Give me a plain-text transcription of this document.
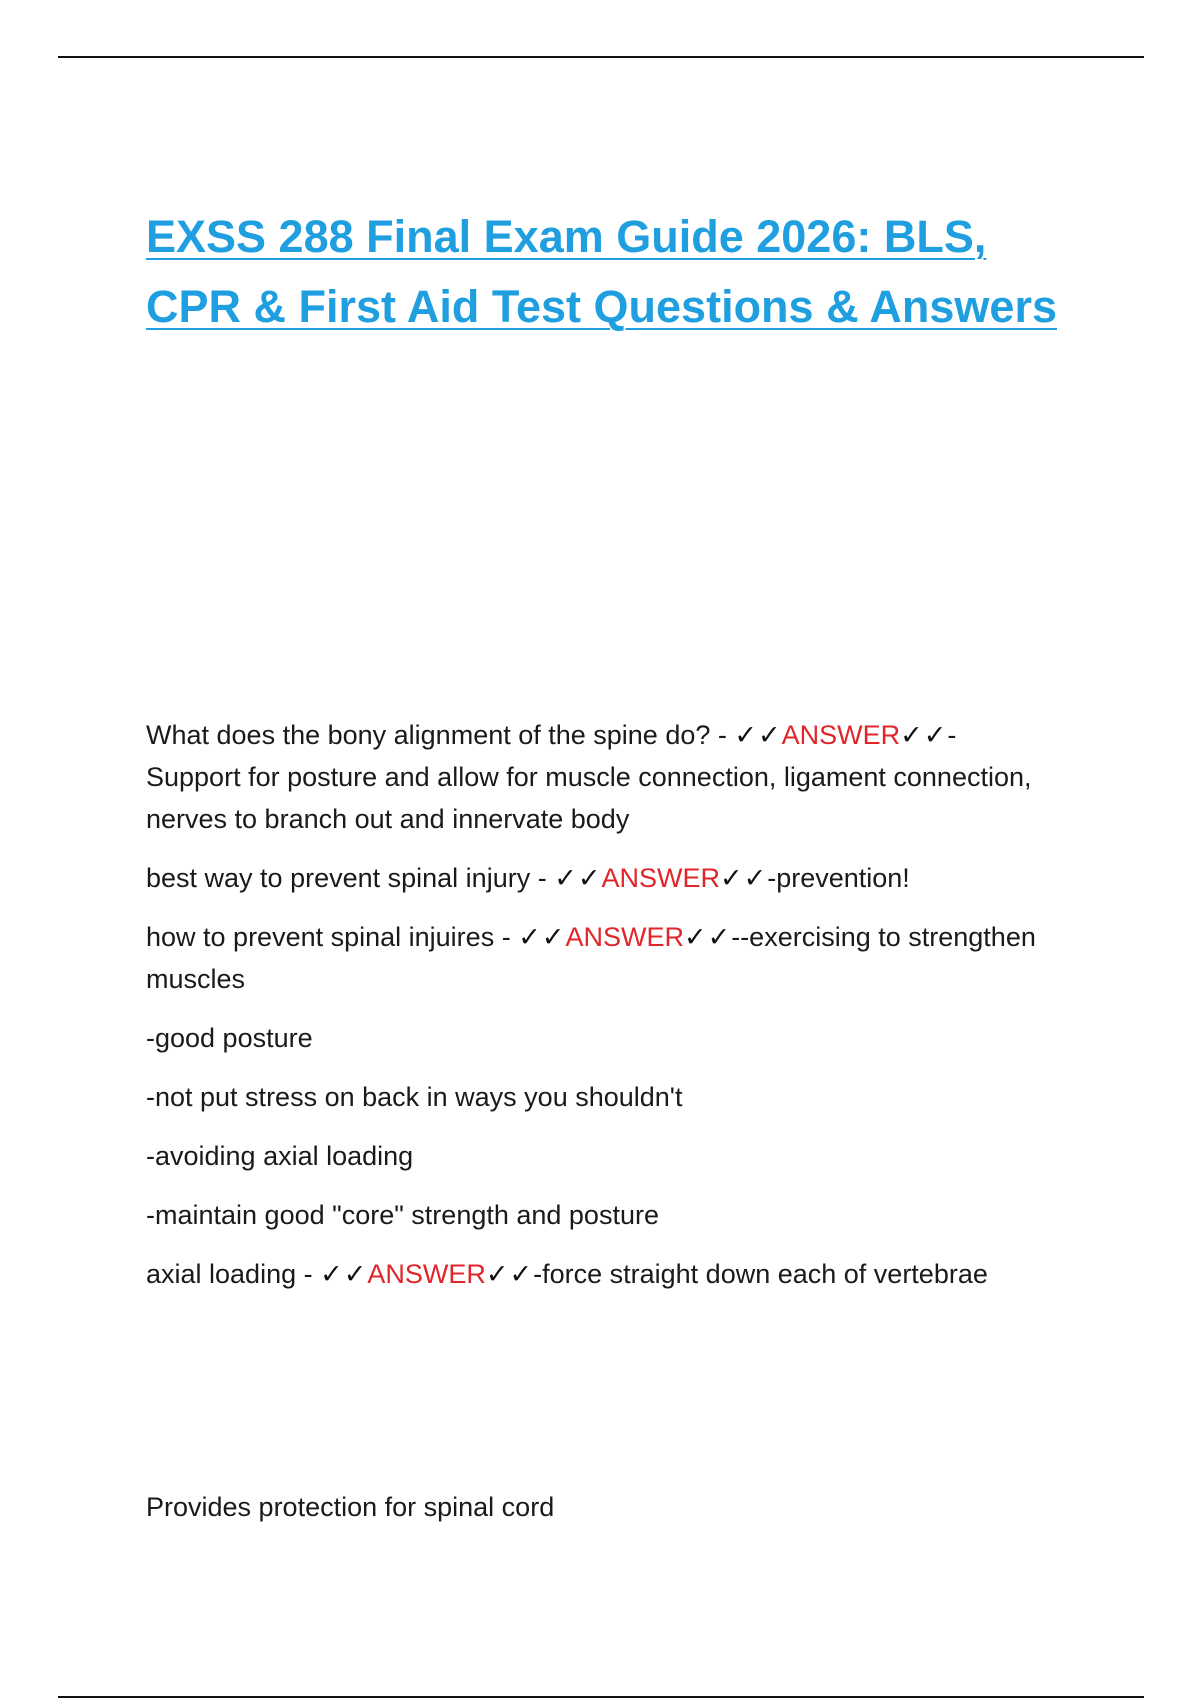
EXSS 288 Final Exam Guide 2026: BLS,
CPR & First Aid Test Questions & Answers

What does the bony alignment of the spine do? - ✓✓ANSWER✓✓-Support for posture and allow for muscle connection, ligament connection, nerves to branch out and innervate body

best way to prevent spinal injury - ✓✓ANSWER✓✓-prevention!

how to prevent spinal injuires - ✓✓ANSWER✓✓--exercising to strengthen muscles

-good posture

-not put stress on back in ways you shouldn't

-avoiding axial loading

-maintain good "core" strength and posture

axial loading - ✓✓ANSWER✓✓-force straight down each of vertebrae

Provides protection for spinal cord
